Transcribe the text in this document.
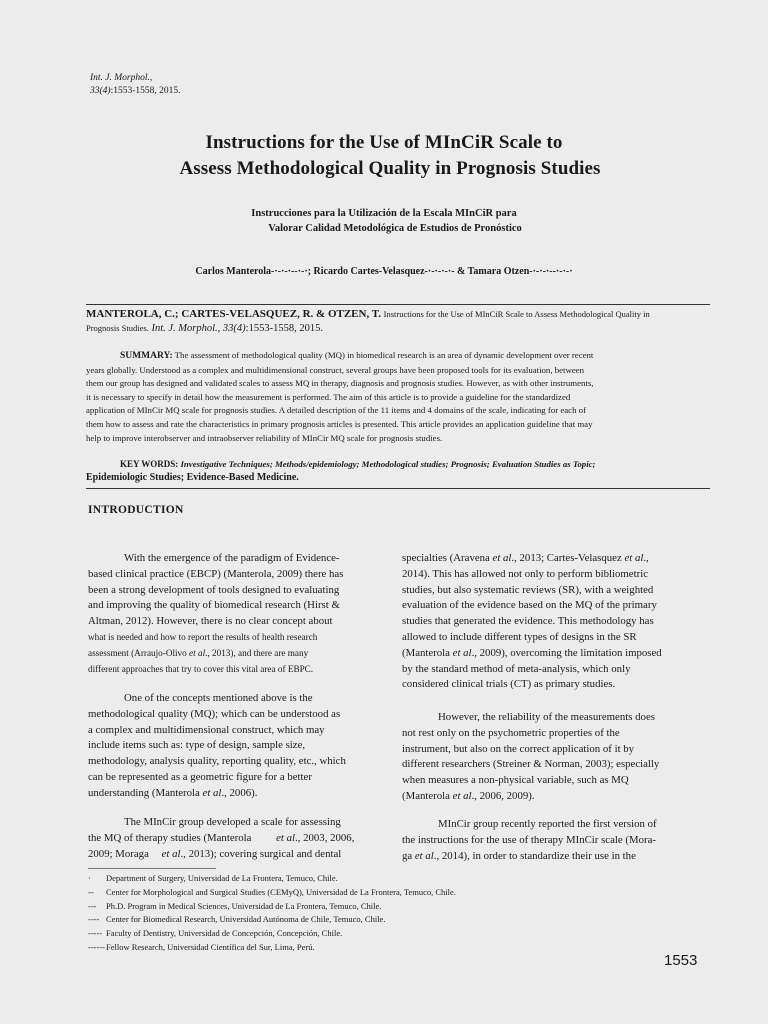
Int. J. Morphol.,
33(4):1553-1558, 2015.
Instructions for the Use of MInCiR Scale to
Assess Methodological Quality in Prognosis Studies
Instrucciones para la Utilización de la Escala MInCiR para
Valorar Calidad Metodológica de Estudios de Pronóstico
Carlos Manterola-·-·-·--·-·; Ricardo Cartes-Velasquez-·-·-·-·- & Tamara Otzen-·-·-·--·-·-·
MANTEROLA, C.; CARTES-VELASQUEZ, R. & OTZEN, T. Instructions for the Use of MInCiR Scale to Assess Methodological Quality in
Prognosis Studies. Int. J. Morphol., 33(4):1553-1558, 2015.
SUMMARY: The assessment of methodological quality (MQ) in biomedical research is an area of dynamic development over recent
years globally. Understood as a complex and multidimensional construct, several groups have been proposed tools for its evaluation, between
them our group has designed and validated scales to assess MQ in therapy, diagnosis and prognosis studies. However, as with other instruments,
it is necessary to specify in detail how the measurement is performed. The aim of this article is to provide a guideline for the standardized
application of MInCir MQ scale for prognosis studies. A detailed description of the 11 items and 4 domains of the scale, indicating for each of
them how to assess and rate the characteristics in primary prognosis articles is presented. This article provides an application guideline that may
help to improve interobserver and intraobserver reliability of MInCir MQ scale for prognosis studies.
KEY WORDS: Investigative Techniques; Methods/epidemiology; Methodological studies; Prognosis; Evaluation Studies as Topic;
Epidemiologic Studies; Evidence-Based Medicine.
INTRODUCTION

With the emergence of the paradigm of Evidence-

based clinical practice (EBCP) (Manterola, 2009) there has

been a strong development of tools designed to evaluating

and improving the quality of biomedical research (Hirst &

Altman, 2012). However, there is no clear concept about

what is needed and how to report the results of health research

assessment (Arraujo-Olivo et al., 2013), and there are many

different approaches that try to cover this vital area of EBPC.

One of the concepts mentioned above is the

methodological quality (MQ); which can be understood as

a complex and multidimensional construct, which may

include items such as: type of design, sample size,

methodology, analysis quality, reporting quality, etc., which

can be represented as a geometric figure for a better

understanding (Manterola et al., 2006).

The MInCir group developed a scale for assessing

the MQ of therapy studies (Manterola et al., 2003, 2006,

2009; Moraga et al., 2013); covering surgical and dental

specialties (Aravena et al., 2013; Cartes-Velasquez et al.,

2014). This has allowed not only to perform bibliometric

studies, but also systematic reviews (SR), with a weighted

evaluation of the evidence based on the MQ of the primary

studies that generated the evidence. This methodology has

allowed to include different types of designs in the SR

(Manterola et al., 2009), overcoming the limitation imposed

by the standard method of meta-analysis, which only

considered clinical trials (CT) as primary studies.

However, the reliability of the measurements does

not rest only on the psychometric properties of the

instrument, but also on the correct application of it by

different researchers (Streiner & Norman, 2003); especially

when measures a non-physical variable, such as MQ

(Manterola et al., 2006, 2009).

MInCir group recently reported the first version of

the instructions for the use of therapy MInCir scale (Mora-

ga et al., 2014), in order to standardize their use in the

· Department of Surgery, Universidad de La Frontera, Temuco, Chile.
-- Center for Morphological and Surgical Studies (CEMyQ), Universidad de La Frontera, Temuco, Chile.
--- Ph.D. Program in Medical Sciences, Universidad de La Frontera, Temuco, Chile.
---- Center for Biomedical Research, Universidad Autónoma de Chile, Temuco, Chile.
----- Faculty of Dentistry, Universidad de Concepción, Concepción, Chile.
------Fellow Research, Universidad Científica del Sur, Lima, Perú.
1553
